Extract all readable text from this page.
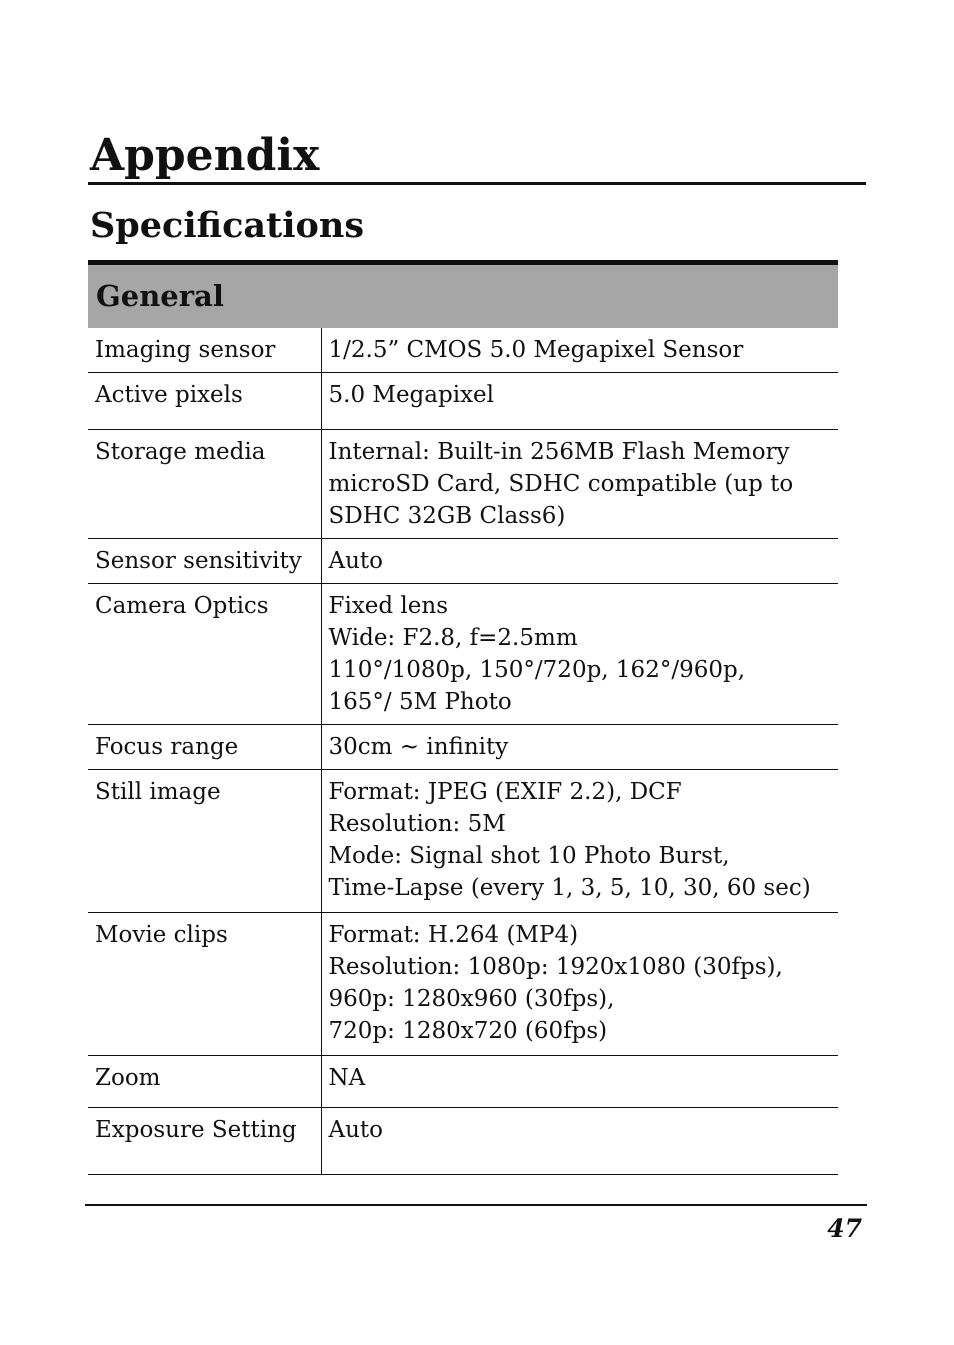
Appendix
Specifications
General	
Imaging sensor	1/2.5” CMOS 5.0 Megapixel Sensor

Active pixels	5.0 Megapixel

Storage media	Internal: Built-in 256MB Flash Memory
microSD Card, SDHC compatible (up to
SDHC 32GB Class6)

Sensor sensitivity	Auto

Camera Optics	Fixed lens
Wide: F2.8, f=2.5mm
110°/1080p, 150°/720p, 162°/960p,
165°/ 5M Photo

Focus range	30cm ~ infinity

Still image	Format: JPEG (EXIF 2.2), DCF
Resolution: 5M
Mode: Signal shot 10 Photo Burst,
Time-Lapse (every 1, 3, 5, 10, 30, 60 sec)

Movie clips	Format: H.264 (MP4)
Resolution: 1080p: 1920x1080 (30fps),
960p: 1280x960 (30fps),
720p: 1280x720 (60fps)

Zoom	NA

Exposure Setting	Auto
47
